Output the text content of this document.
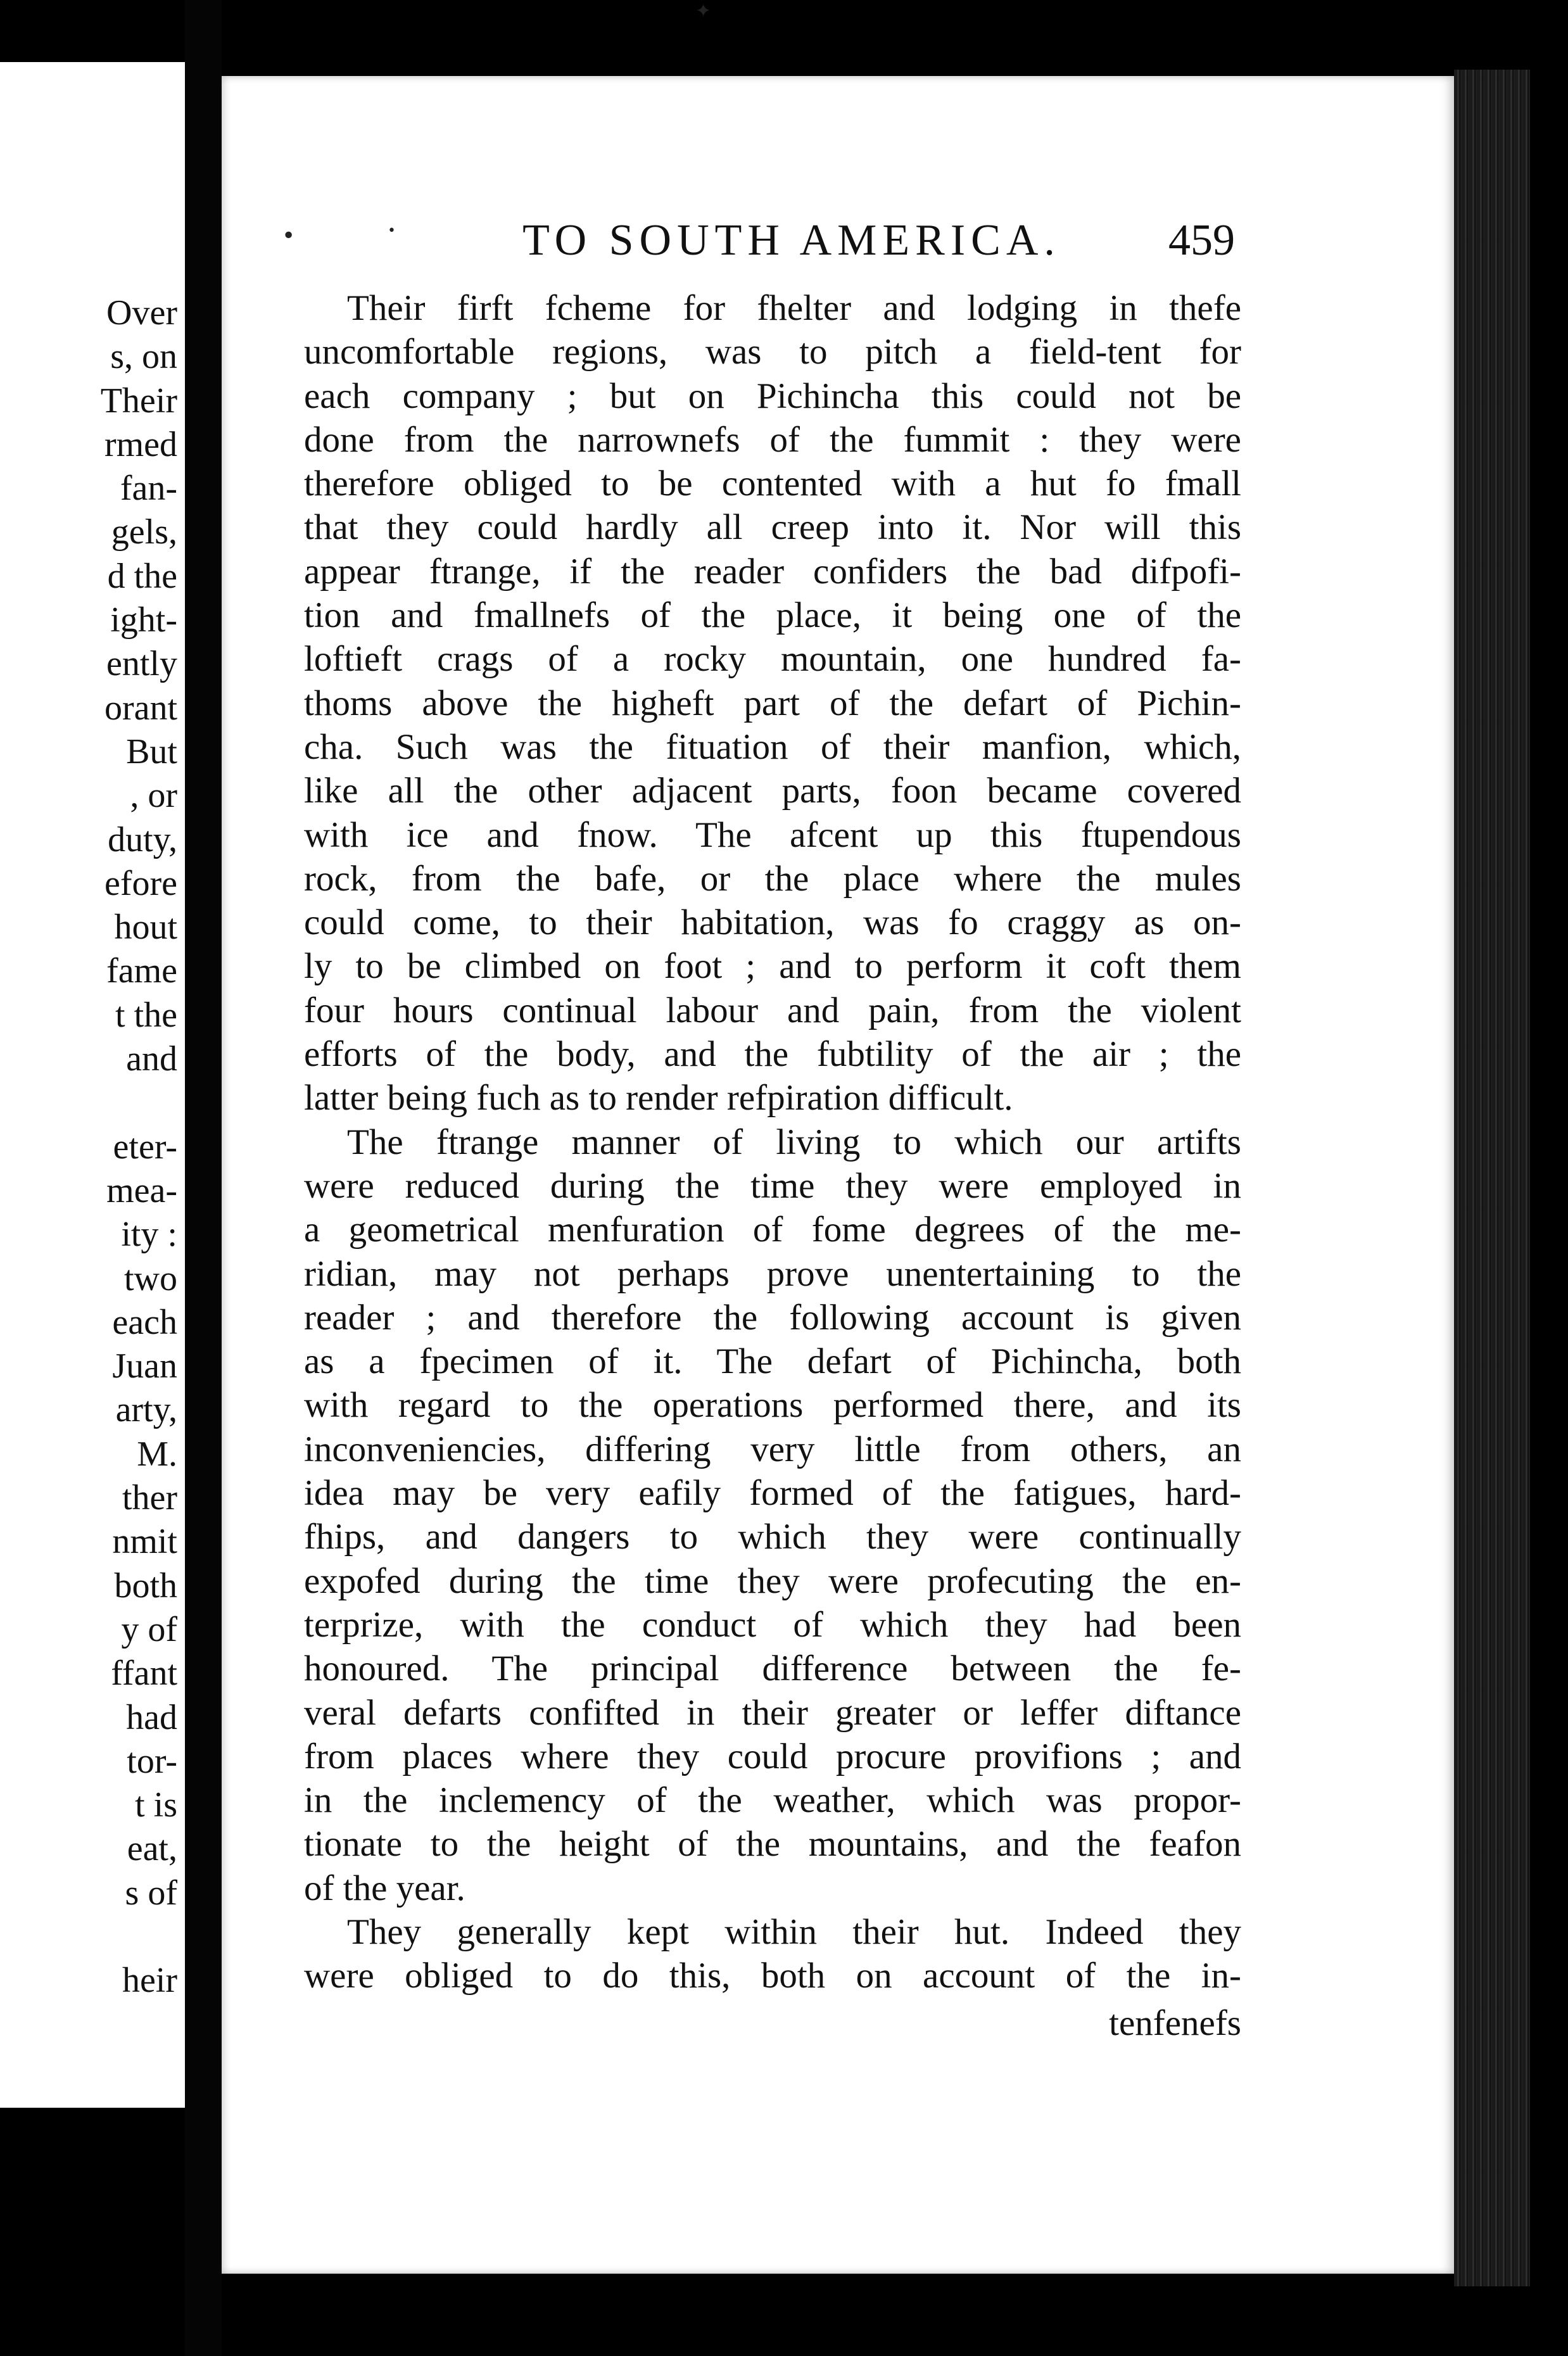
Over
s, on
Their
rmed
fan-
gels,
d the
ight-
ently
orant
But
, or
duty,
efore
hout
fame
t the
and
eter-
mea-
ity :
two
each
Juan
arty,
M.
ther
nmit
both
y of
ffant
had
tor-
t is
eat,
s of
heir
✦
•	•	TO SOUTH AMERICA.	459
Their firft fcheme for fhelter and lodging in thefe
uncomfortable regions, was to pitch a field-tent for
each company ; but on Pichincha this could not be
done from the narrownefs of the fummit : they were
therefore obliged to be contented with a hut fo fmall
that they could hardly all creep into it. Nor will this
appear ftrange, if the reader confiders the bad difpofi-
tion and fmallnefs of the place, it being one of the
loftieft crags of a rocky mountain, one hundred fa-
thoms above the higheft part of the defart of Pichin-
cha. Such was the fituation of their manfion, which,
like all the other adjacent parts, foon became covered
with ice and fnow. The afcent up this ftupendous
rock, from the bafe, or the place where the mules
could come, to their habitation, was fo craggy as on-
ly to be climbed on foot ; and to perform it coft them
four hours continual labour and pain, from the violent
efforts of the body, and the fubtility of the air ; the
latter being fuch as to render refpiration difficult.
The ftrange manner of living to which our artifts
were reduced during the time they were employed in
a geometrical menfuration of fome degrees of the me-
ridian, may not perhaps prove unentertaining to the
reader ; and therefore the following account is given
as a fpecimen of it. The defart of Pichincha, both
with regard to the operations performed there, and its
inconveniencies, differing very little from others, an
idea may be very eafily formed of the fatigues, hard-
fhips, and dangers to which they were continually
expofed during the time they were profecuting the en-
terprize, with the conduct of which they had been
honoured. The principal difference between the fe-
veral defarts confifted in their greater or leffer diftance
from places where they could procure provifions ; and
in the inclemency of the weather, which was propor-
tionate to the height of the mountains, and the feafon
of the year.
They generally kept within their hut. Indeed they
were obliged to do this, both on account of the in-
tenfenefs
